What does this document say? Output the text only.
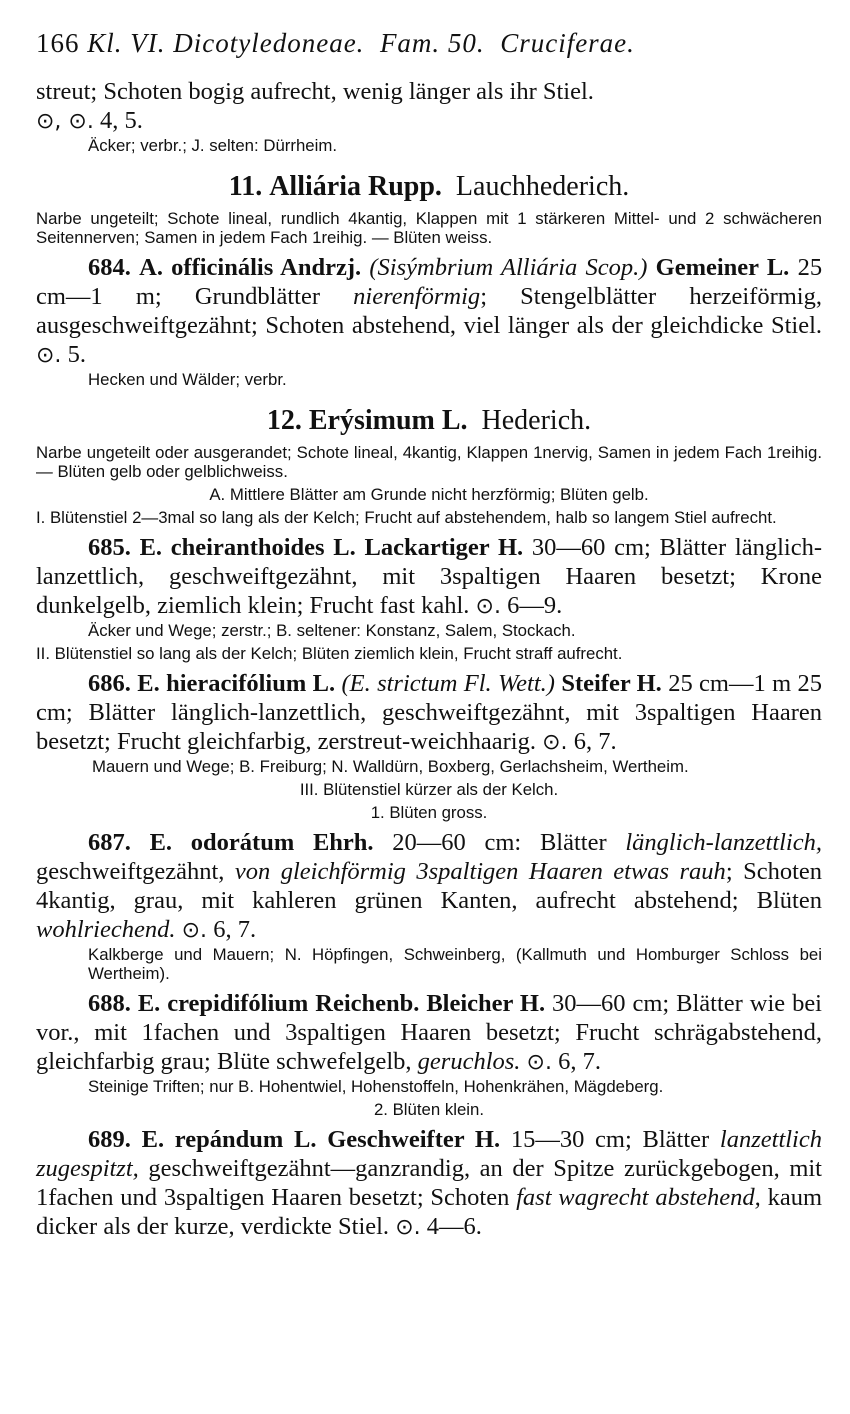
166 Kl. VI. Dicotyledoneae. Fam. 50. Cruciferae.
streut; Schoten bogig aufrecht, wenig länger als ihr Stiel.
⊙, ⊙. 4, 5.
Äcker; verbr.; J. selten: Dürrheim.
11. Alliária Rupp. Lauchhederich.
Narbe ungeteilt; Schote lineal, rundlich 4kantig, Klappen mit 1 stärkeren Mittel- und 2 schwächeren Seitennerven; Samen in jedem Fach 1reihig. — Blüten weiss.
684. A. officinális Andrzj. (Sisýmbrium Alliária Scop.) Gemeiner L. 25 cm—1 m; Grundblätter nierenförmig; Stengelblätter herzeiförmig, ausgeschweiftgezähnt; Schoten abstehend, viel länger als der gleichdicke Stiel. ⊙. 5.
Hecken und Wälder; verbr.
12. Erýsimum L. Hederich.
Narbe ungeteilt oder ausgerandet; Schote lineal, 4kantig, Klappen 1nervig, Samen in jedem Fach 1reihig. — Blüten gelb oder gelblichweiss.
A. Mittlere Blätter am Grunde nicht herzförmig; Blüten gelb.
I. Blütenstiel 2—3mal so lang als der Kelch; Frucht auf abstehendem, halb so langem Stiel aufrecht.
685. E. cheiranthoides L. Lackartiger H. 30—60 cm; Blätter länglich-lanzettlich, geschweiftgezähnt, mit 3spaltigen Haaren besetzt; Krone dunkelgelb, ziemlich klein; Frucht fast kahl. ⊙. 6—9.
Äcker und Wege; zerstr.; B. seltener: Konstanz, Salem, Stockach.
II. Blütenstiel so lang als der Kelch; Blüten ziemlich klein, Frucht straff aufrecht.
686. E. hieracifólium L. (E. strictum Fl. Wett.) Steifer H. 25 cm—1 m 25 cm; Blätter länglich-lanzettlich, geschweiftgezähnt, mit 3spaltigen Haaren besetzt; Frucht gleichfarbig, zerstreut-weichhaarig. ⊙. 6, 7.
Mauern und Wege; B. Freiburg; N. Walldürn, Boxberg, Gerlachsheim, Wertheim.
III. Blütenstiel kürzer als der Kelch.
1. Blüten gross.
687. E. odorátum Ehrh. 20—60 cm: Blätter länglich-lanzettlich, geschweiftgezähnt, von gleichförmig 3spaltigen Haaren etwas rauh; Schoten 4kantig, grau, mit kahleren grünen Kanten, aufrecht abstehend; Blüten wohlriechend. ⊙. 6, 7.
Kalkberge und Mauern; N. Höpfingen, Schweinberg, (Kallmuth und Homburger Schloss bei Wertheim).
688. E. crepidifólium Reichenb. Bleicher H. 30—60 cm; Blätter wie bei vor., mit 1fachen und 3spaltigen Haaren besetzt; Frucht schrägabstehend, gleichfarbig grau; Blüte schwefelgelb, geruchlos. ⊙. 6, 7.
Steinige Triften; nur B. Hohentwiel, Hohenstoffeln, Hohenkrähen, Mägdeberg.
2. Blüten klein.
689. E. repándum L. Geschweifter H. 15—30 cm; Blätter lanzettlich zugespitzt, geschweiftgezähnt—ganzrandig, an der Spitze zurückgebogen, mit 1fachen und 3spaltigen Haaren besetzt; Schoten fast wagrecht abstehend, kaum dicker als der kurze, verdickte Stiel. ⊙. 4—6.
